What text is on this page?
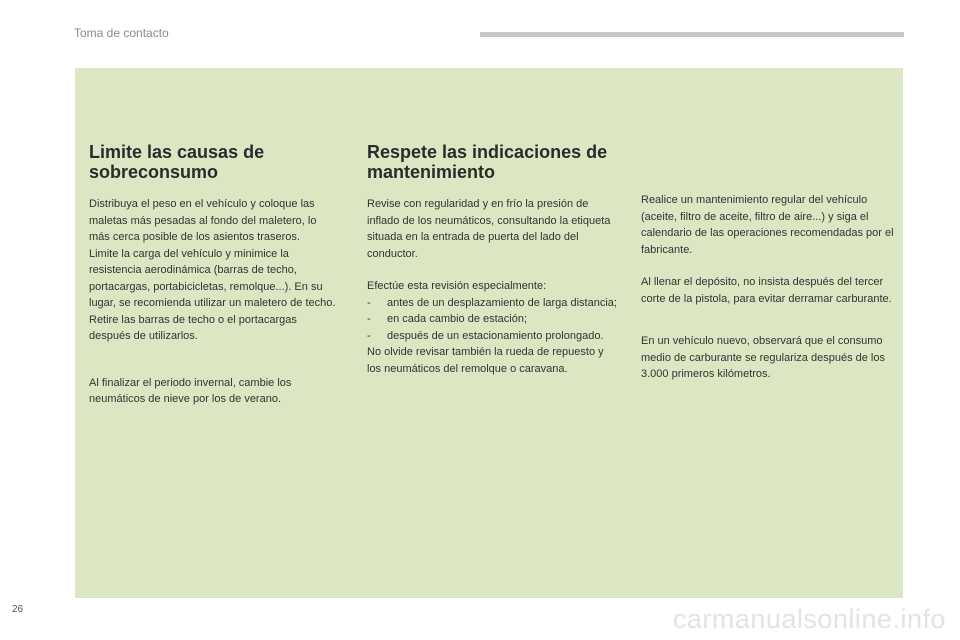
Toma de contacto
Limite las causas de sobreconsumo

Distribuya el peso en el vehículo y coloque las maletas más pesadas al fondo del maletero, lo más cerca posible de los asientos traseros.

Limite la carga del vehículo y minimice la resistencia aerodinámica (barras de techo, portacargas, portabicicletas, remolque...). En su lugar, se recomienda utilizar un maletero de techo.

Retire las barras de techo o el portacargas después de utilizarlos.

Al finalizar el periodo invernal, cambie los neumáticos de nieve por los de verano.

Respete las indicaciones de mantenimiento

Revise con regularidad y en frío la presión de inflado de los neumáticos, consultando la etiqueta situada en la entrada de puerta del lado del conductor.

Efectúe esta revisión especialmente:

- antes de un desplazamiento de larga distancia;
- en cada cambio de estación;
- después de un estacionamiento prolongado.

No olvide revisar también la rueda de repuesto y los neumáticos del remolque o caravana.

Realice un mantenimiento regular del vehículo (aceite, filtro de aceite, filtro de aire...) y siga el calendario de las operaciones recomendadas por el fabricante.

Al llenar el depósito, no insista después del tercer corte de la pistola, para evitar derramar carburante.

En un vehículo nuevo, observará que el consumo medio de carburante se regulariza después de los 3.000 primeros kilómetros.

26	carmanualsonline.info
